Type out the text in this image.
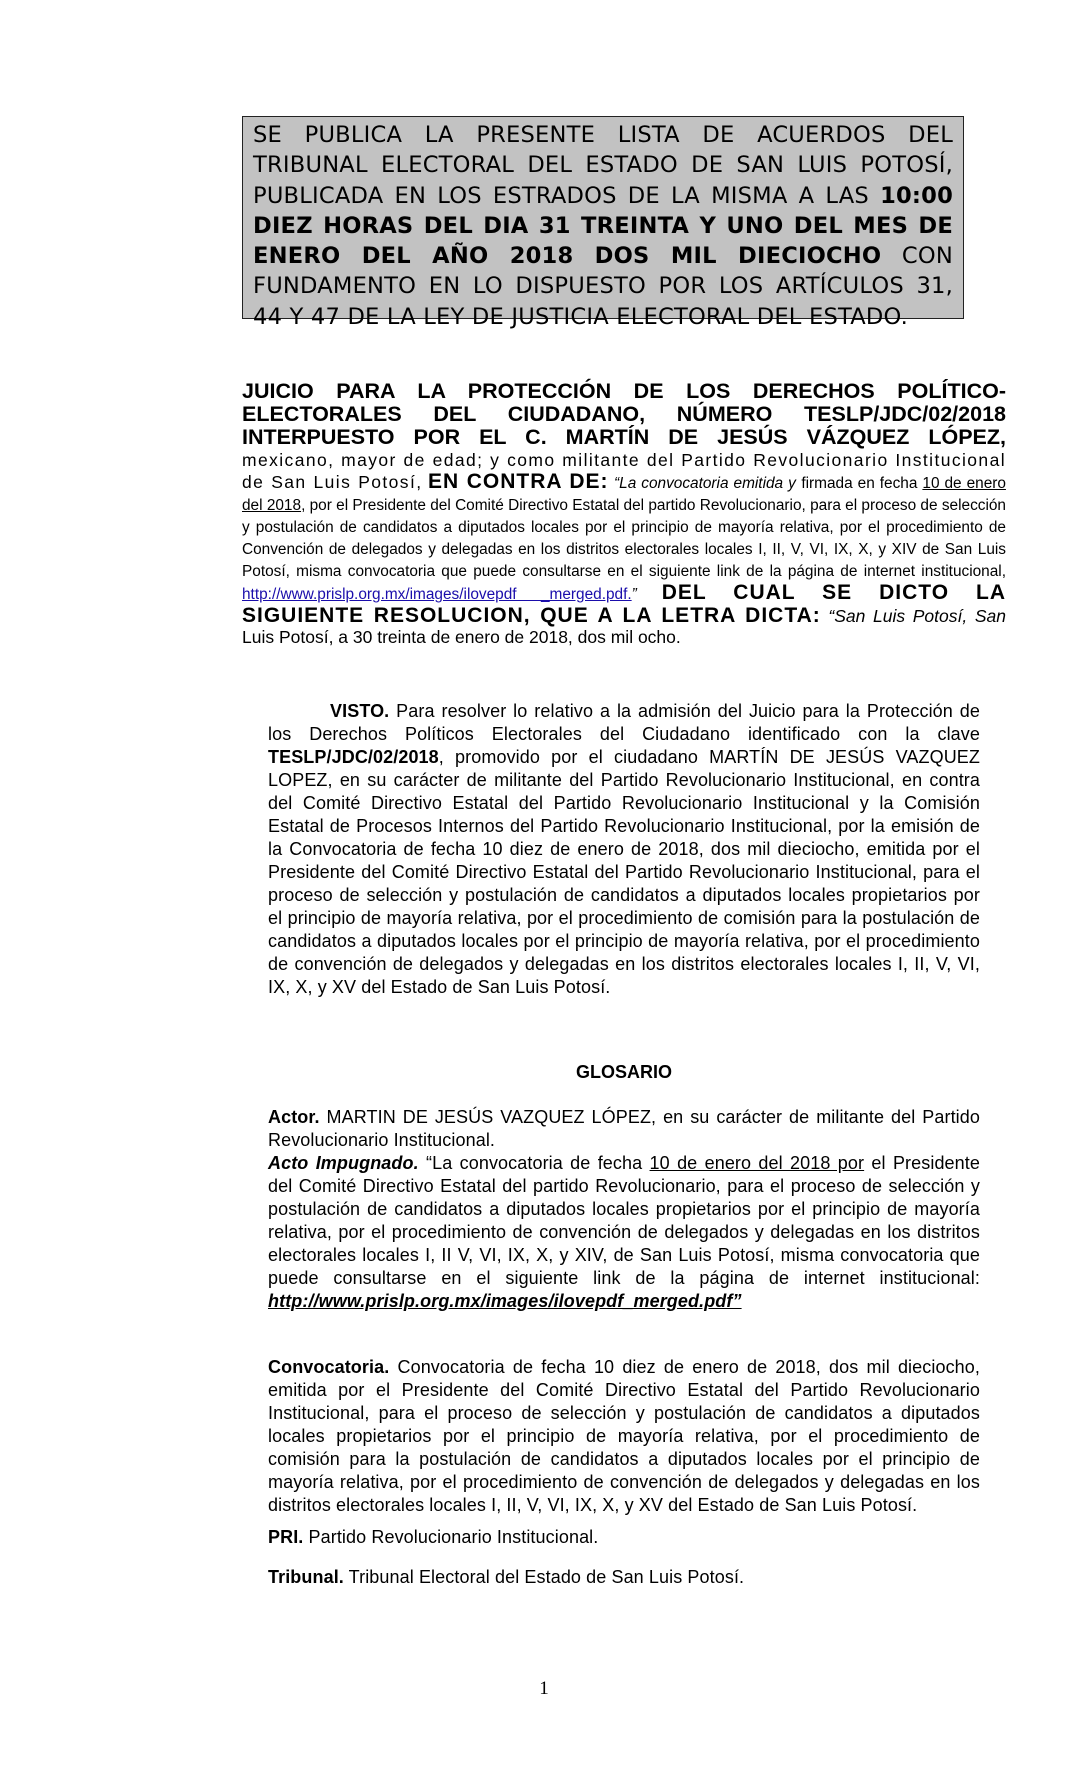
SE PUBLICA LA PRESENTE LISTA DE ACUERDOS DEL TRIBUNAL ELECTORAL DEL ESTADO DE SAN LUIS POTOSÍ, PUBLICADA EN LOS ESTRADOS DE LA MISMA A LAS 10:00 DIEZ HORAS DEL DIA 31 TREINTA Y UNO DEL MES DE ENERO DEL AÑO 2018 DOS MIL DIECIOCHO CON FUNDAMENTO EN LO DISPUESTO POR LOS ARTÍCULOS 31, 44 Y 47 DE LA LEY DE JUSTICIA ELECTORAL DEL ESTADO.
JUICIO PARA LA PROTECCIÓN DE LOS DERECHOS POLÍTICO-
ELECTORALES DEL CIUDADANO, NÚMERO TESLP/JDC/02/2018
INTERPUESTO POR EL C. MARTÍN DE JESÚS VÁZQUEZ LÓPEZ,
mexicano, mayor de edad; y como militante del Partido Revolucionario Institucional de San Luis Potosí, EN CONTRA DE: “La convocatoria emitida y firmada en fecha 10 de enero del 2018, por el Presidente del Comité Directivo Estatal del partido Revolucionario, para el proceso de selección y postulación de candidatos a diputados locales por el principio de mayoría relativa, por el procedimiento de Convención de delegados y delegadas en los distritos electorales locales I, II, V, VI, IX, X, y XIV de San Luis Potosí, misma convocatoria que puede consultarse en el siguiente link de la página de internet institucional, http://www.prislp.org.mx/images/ilovepdf _merged.pdf.” DEL CUAL SE DICTO LA SIGUIENTE RESOLUCION, QUE A LA LETRA DICTA: “San Luis Potosí, San Luis Potosí, a 30 treinta de enero de 2018, dos mil ocho.
VISTO. Para resolver lo relativo a la admisión del Juicio para la Protección de los Derechos Políticos Electorales del Ciudadano identificado con la clave TESLP/JDC/02/2018, promovido por el ciudadano MARTÍN DE JESÚS VAZQUEZ LOPEZ, en su carácter de militante del Partido Revolucionario Institucional, en contra del Comité Directivo Estatal del Partido Revolucionario Institucional y la Comisión Estatal de Procesos Internos del Partido Revolucionario Institucional, por la emisión de la Convocatoria de fecha 10 diez de enero de 2018, dos mil dieciocho, emitida por el Presidente del Comité Directivo Estatal del Partido Revolucionario Institucional, para el proceso de selección y postulación de candidatos a diputados locales propietarios por el principio de mayoría relativa, por el procedimiento de comisión para la postulación de candidatos a diputados locales por el principio de mayoría relativa, por el procedimiento de convención de delegados y delegadas en los distritos electorales locales I, II, V, VI, IX, X, y XV del Estado de San Luis Potosí.
GLOSARIO
Actor. MARTIN DE JESÚS VAZQUEZ LÓPEZ, en su carácter de militante del Partido Revolucionario Institucional.
Acto Impugnado. “La convocatoria de fecha 10 de enero del 2018 por el Presidente del Comité Directivo Estatal del partido Revolucionario, para el proceso de selección y postulación de candidatos a diputados locales propietarios por el principio de mayoría relativa, por el procedimiento de convención de delegados y delegadas en los distritos electorales locales I, II V, VI, IX, X, y XIV, de San Luis Potosí, misma convocatoria que puede consultarse en el siguiente link de la página de internet institucional: http://www.prislp.org.mx/images/ilovepdf_merged.pdf”
Convocatoria. Convocatoria de fecha 10 diez de enero de 2018, dos mil dieciocho, emitida por el Presidente del Comité Directivo Estatal del Partido Revolucionario Institucional, para el proceso de selección y postulación de candidatos a diputados locales propietarios por el principio de mayoría relativa, por el procedimiento de comisión para la postulación de candidatos a diputados locales por el principio de mayoría relativa, por el procedimiento de convención de delegados y delegadas en los distritos electorales locales I, II, V, VI, IX, X, y XV del Estado de San Luis Potosí.
PRI. Partido Revolucionario Institucional.
Tribunal. Tribunal Electoral del Estado de San Luis Potosí.
1
